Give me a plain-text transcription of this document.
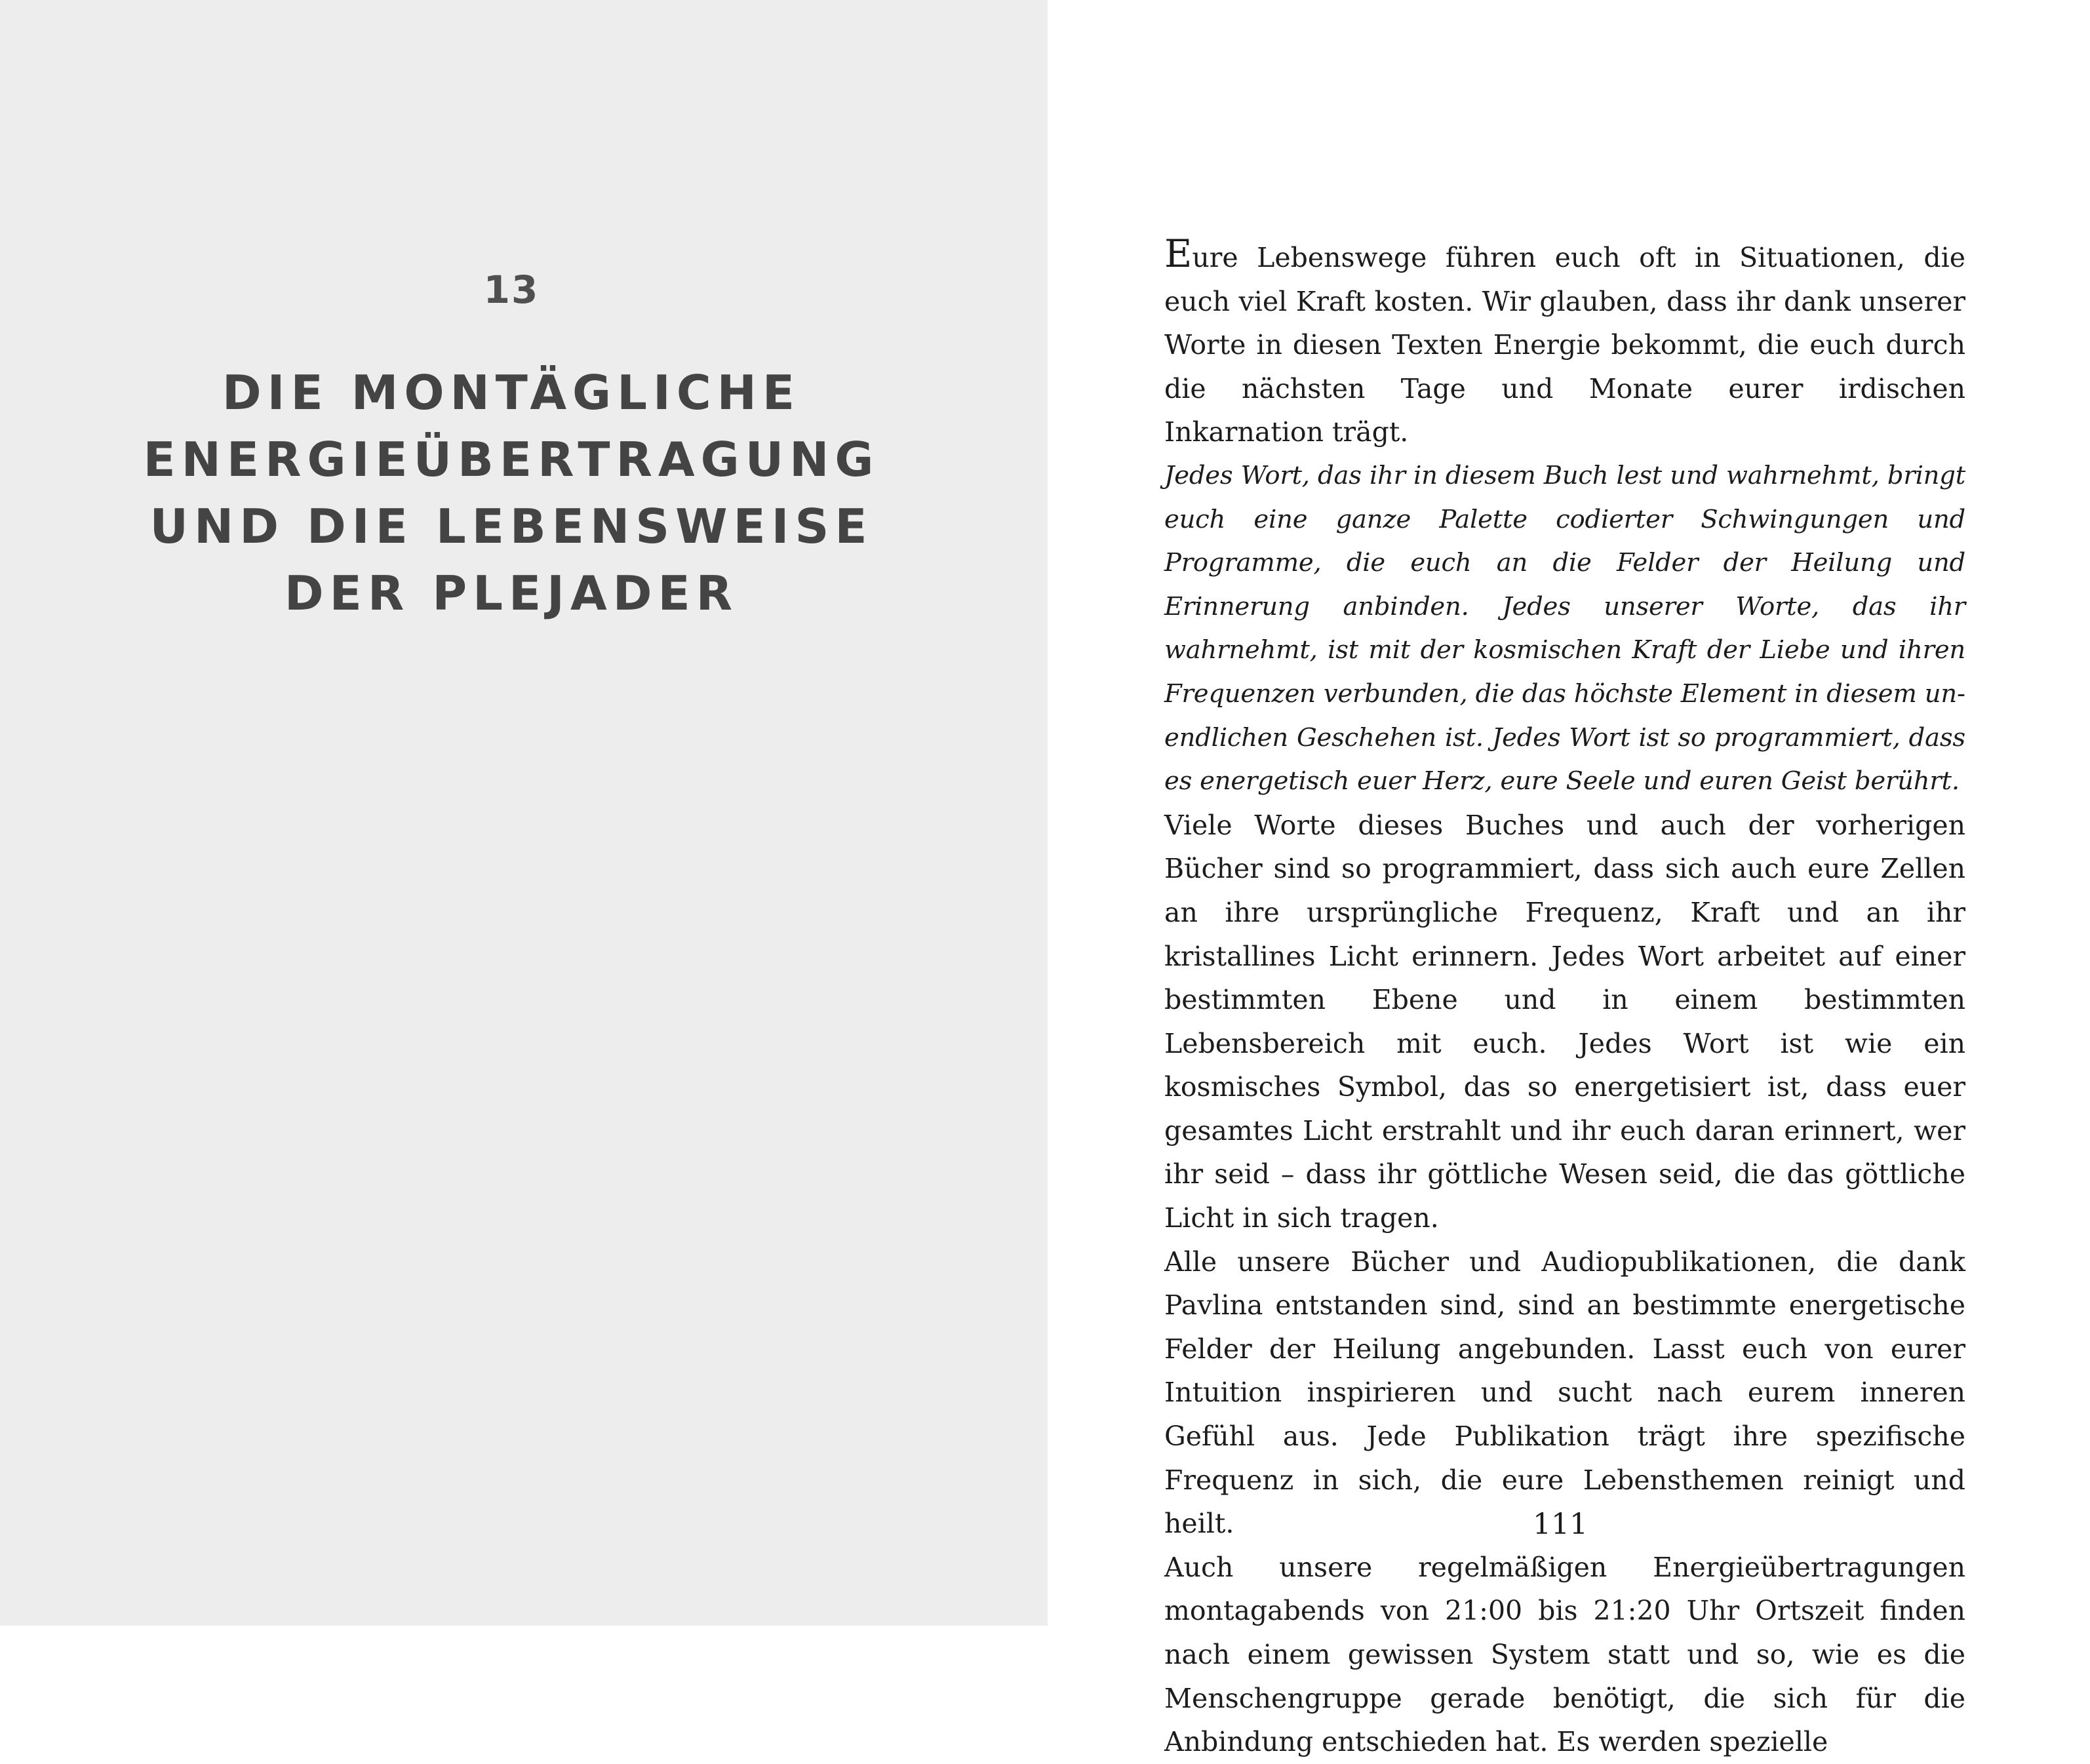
13
DIE MONTÄGLICHE
ENERGIEÜBERTRAGUNG
UND DIE LEBENSWEISE
DER PLEJADER

Eure Lebenswege führen euch oft in Situationen, die euch viel Kraft kosten. Wir glauben, dass ihr dank unserer Worte in diesen Texten Energie bekommt, die euch durch die nächsten Tage und Monate eurer irdischen Inkarnation trägt.

Jedes Wort, das ihr in diesem Buch lest und wahrnehmt, bringt euch eine ganze Palette codierter Schwingungen und Programme, die euch an die Felder der Heilung und Erinnerung anbinden. Jedes unserer Worte, das ihr wahrnehmt, ist mit der kosmischen Kraft der Liebe und ihren Frequenzen verbunden, die das höchste Element in diesem unendlichen Geschehen ist. Jedes Wort ist so programmiert, dass es energetisch euer Herz, eure Seele und euren Geist berührt.

Viele Worte dieses Buches und auch der vorherigen Bücher sind so programmiert, dass sich auch eure Zellen an ihre ursprüngliche Frequenz, Kraft und an ihr kristallines Licht erinnern. Jedes Wort arbeitet auf einer bestimmten Ebene und in einem bestimmten Lebensbereich mit euch. Jedes Wort ist wie ein kosmisches Symbol, das so energetisiert ist, dass euer gesamtes Licht erstrahlt und ihr euch daran erinnert, wer ihr seid – dass ihr göttliche Wesen seid, die das göttliche Licht in sich tragen.

Alle unsere Bücher und Audiopublikationen, die dank Pavlina entstanden sind, sind an bestimmte energetische Felder der Heilung angebunden. Lasst euch von eurer Intuition inspirieren und sucht nach eurem inneren Gefühl aus. Jede Publikation trägt ihre spezifische Frequenz in sich, die eure Lebensthemen reinigt und heilt.

Auch unsere regelmäßigen Energieübertragungen montagabends von 21:00 bis 21:20 Uhr Ortszeit finden nach einem gewissen System statt und so, wie es die Menschengruppe gerade benötigt, die sich für die Anbindung entschieden hat. Es werden spezielle

111
